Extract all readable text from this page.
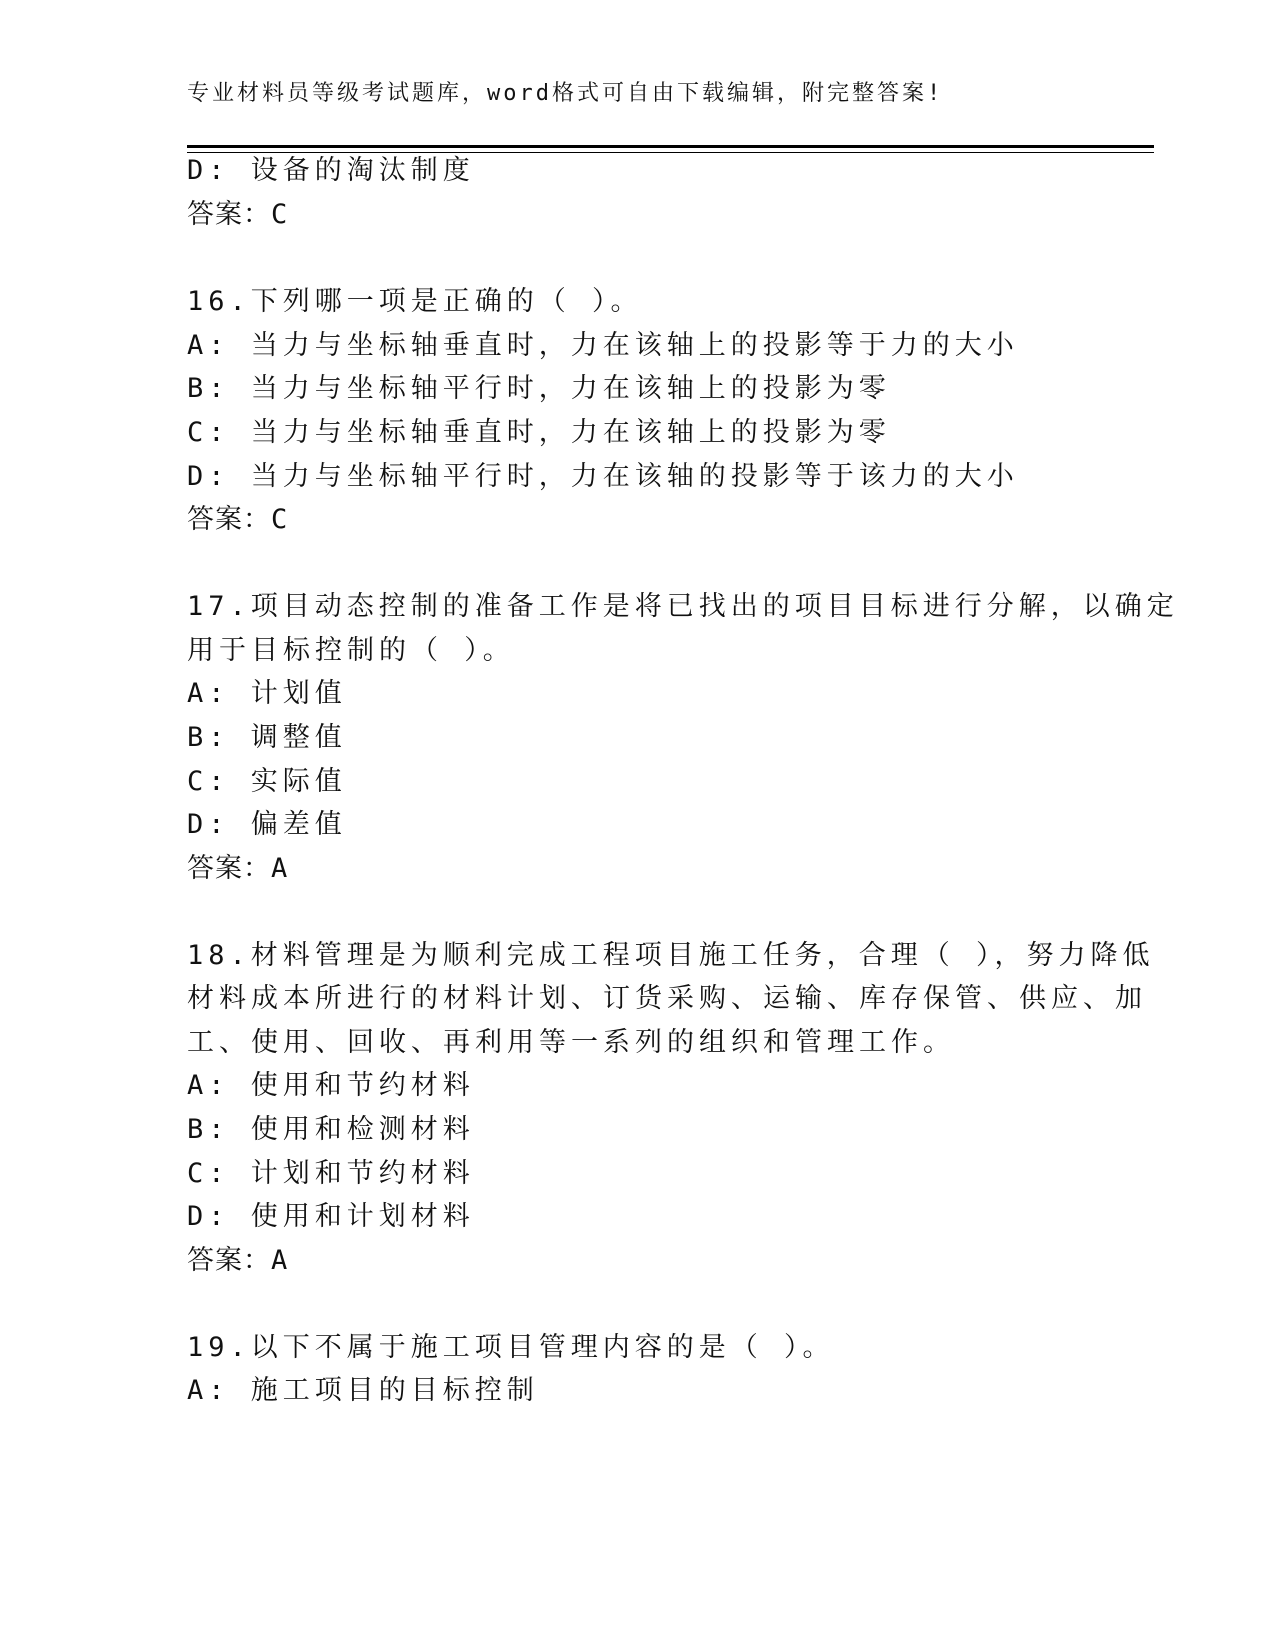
专业材料员等级考试题库，word格式可自由下载编辑，附完整答案!
D: 设备的淘汰制度
答案：C
16.下列哪一项是正确的（ ）。
A: 当力与坐标轴垂直时，力在该轴上的投影等于力的大小
B: 当力与坐标轴平行时，力在该轴上的投影为零
C: 当力与坐标轴垂直时，力在该轴上的投影为零
D: 当力与坐标轴平行时，力在该轴的投影等于该力的大小
答案：C
17.项目动态控制的准备工作是将已找出的项目目标进行分解，以确定
用于目标控制的（ ）。
A: 计划值
B: 调整值
C: 实际值
D: 偏差值
答案：A
18.材料管理是为顺利完成工程项目施工任务，合理（ ），努力降低
材料成本所进行的材料计划、订货采购、运输、库存保管、供应、加
工、使用、回收、再利用等一系列的组织和管理工作。
A: 使用和节约材料
B: 使用和检测材料
C: 计划和节约材料
D: 使用和计划材料
答案：A
19.以下不属于施工项目管理内容的是（ ）。
A: 施工项目的目标控制
